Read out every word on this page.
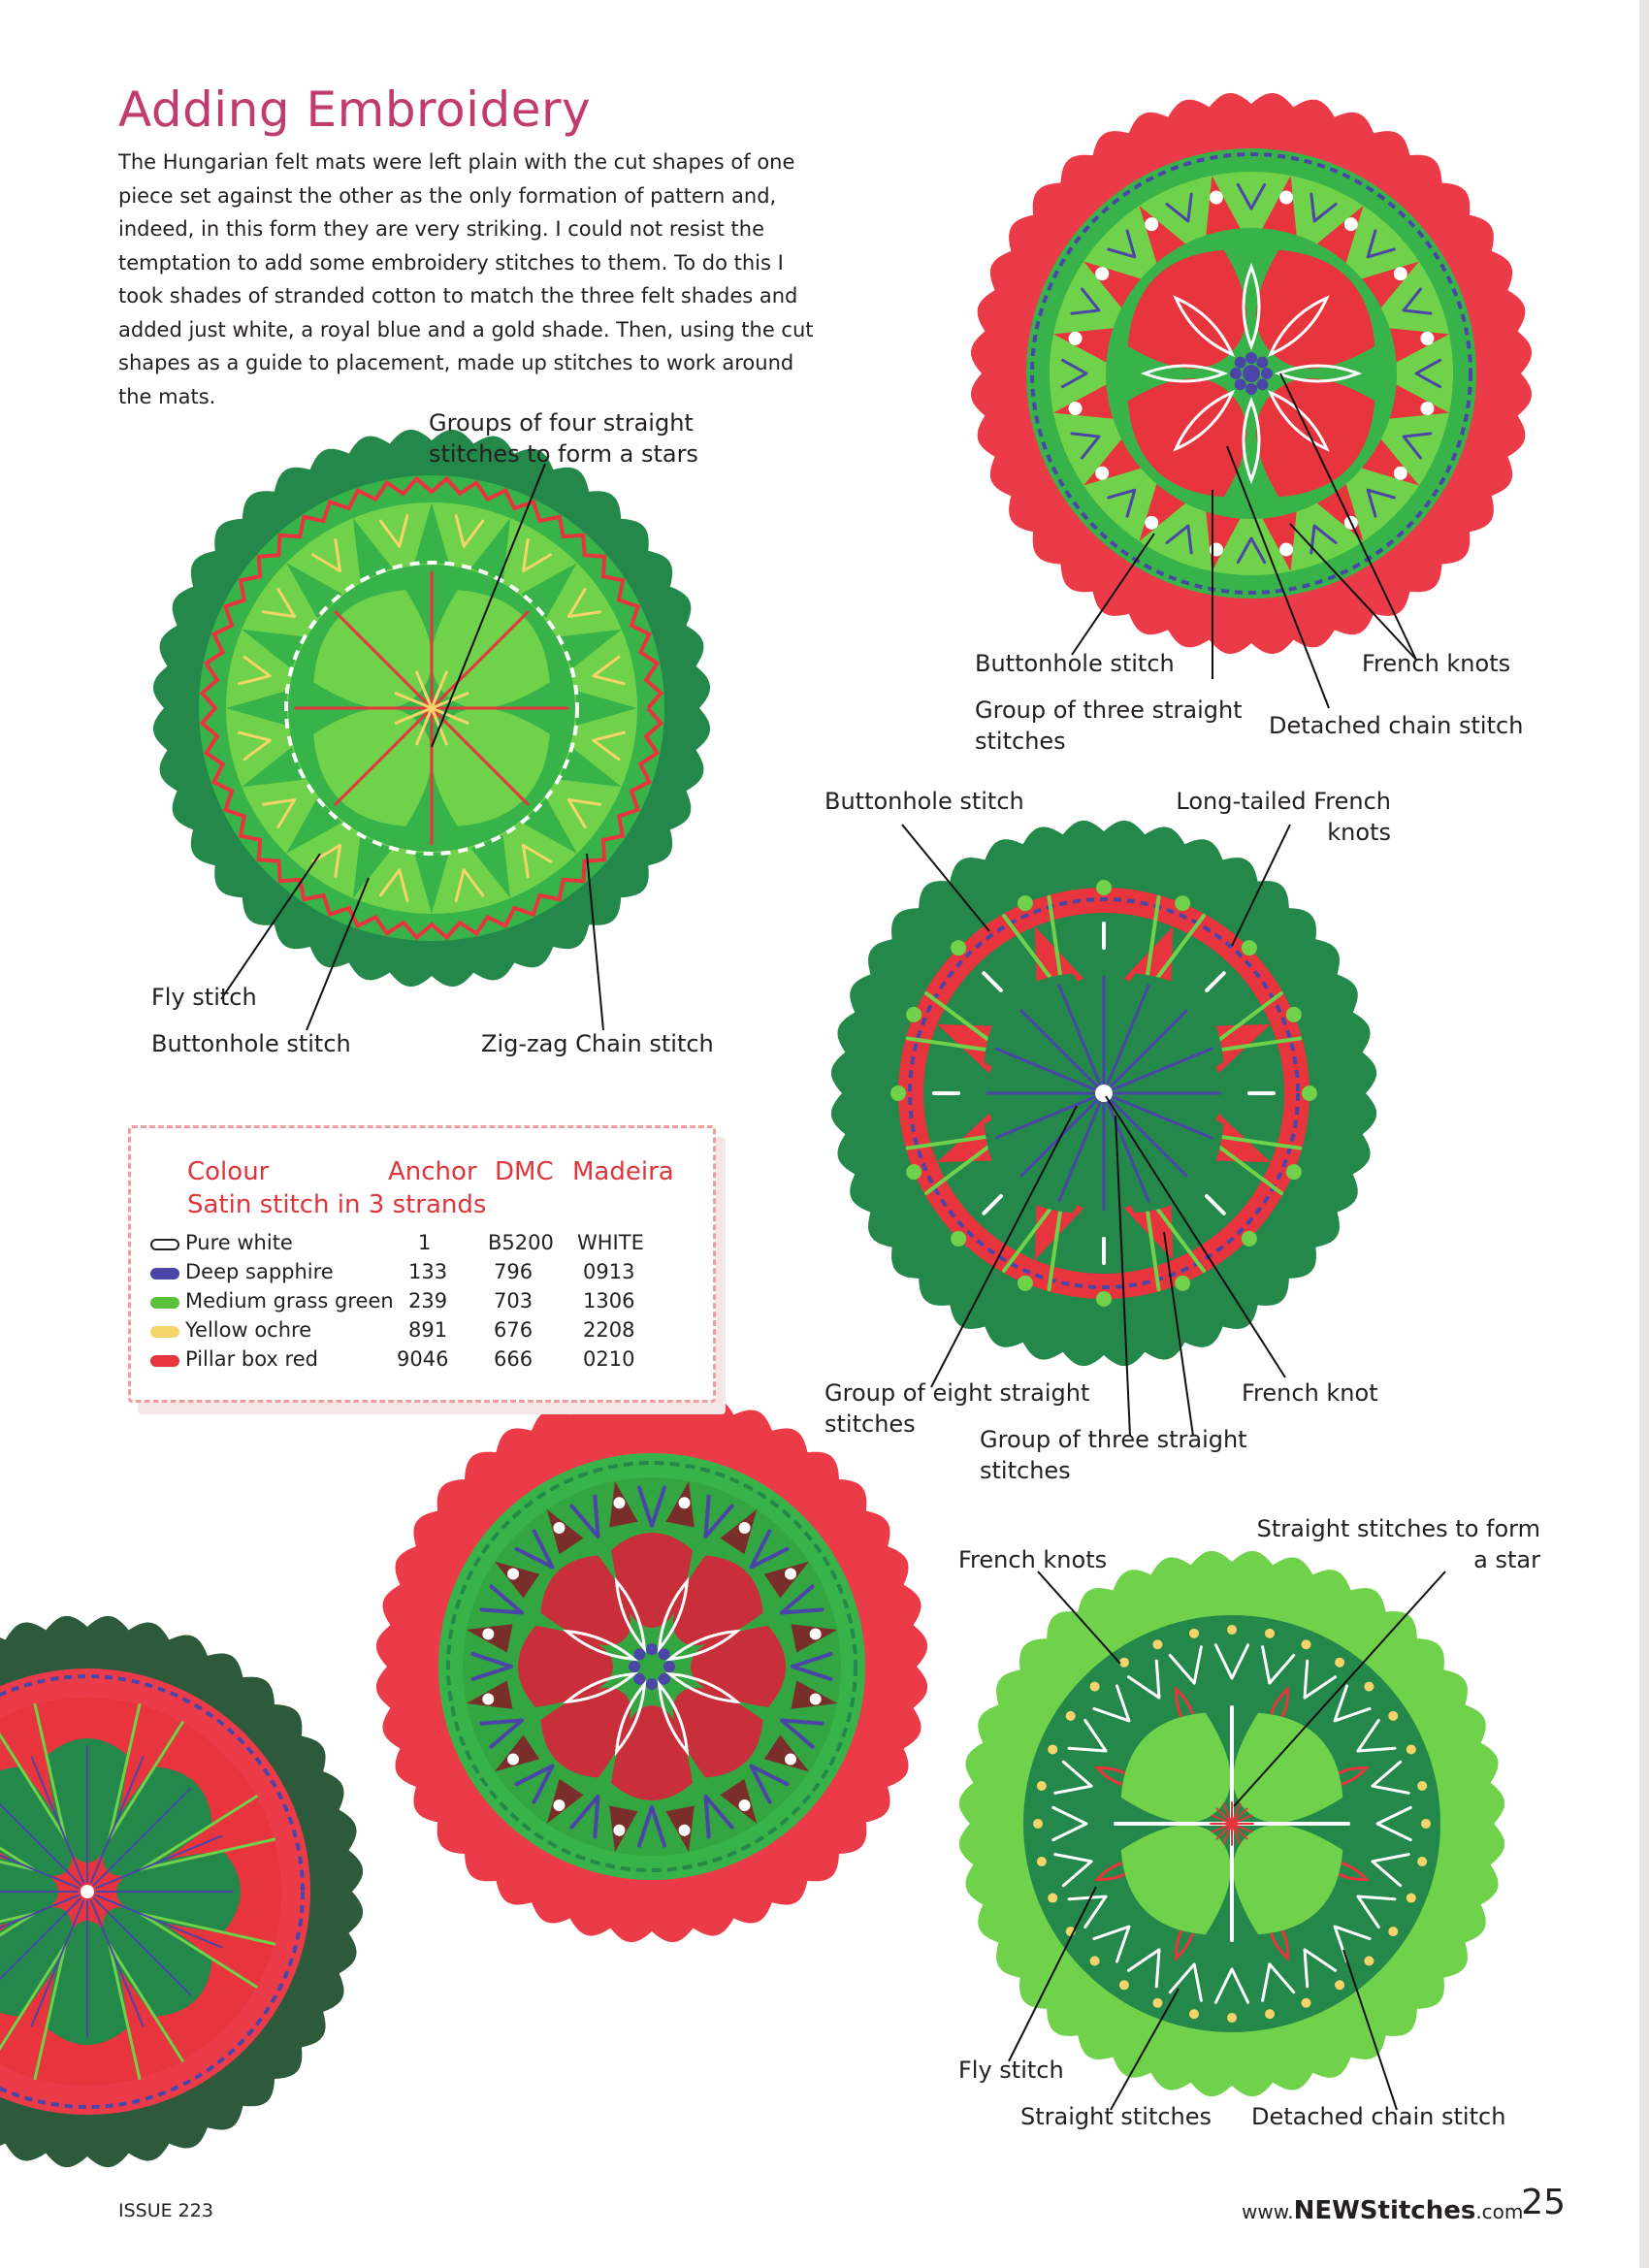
Adding Embroidery

The Hungarian felt mats were left plain with the cut shapes of one piece set against the other as the only formation of pattern and, indeed, in this form they are very striking. I could not resist the temptation to add some embroidery stitches to them. To do this I took shades of stranded cotton to match the three felt shades and added just white, a royal blue and a gold shade. Then, using the cut shapes as a guide to placement, made up stitches to work around the mats.

Groups of four straight
stitches to form a stars

Fly stitch

Buttonhole stitch	Zig-zag Chain stitch

Buttonhole stitch	French knots

Group of three straight
stitches

Detached chain stitch

Buttonhole stitch	Long-tailed French
knots

Group of eight straight
stitches

French knot

Group of three straight
stitches

French knots

Straight stitches to form
a star

Fly stitch

Straight stitches Detached chain stitch

Colour	Anchor DMC Madeira
Satin stitch in 3 strands
Pure white	1	B5200 WHITE
Deep sapphire	133 796 0913
Medium grass green 239 703 1306
Yellow ochre	891 676 2208
Pillar box red	9046 666 0210
ISSUE 223	www.NEWStitches.com
25
